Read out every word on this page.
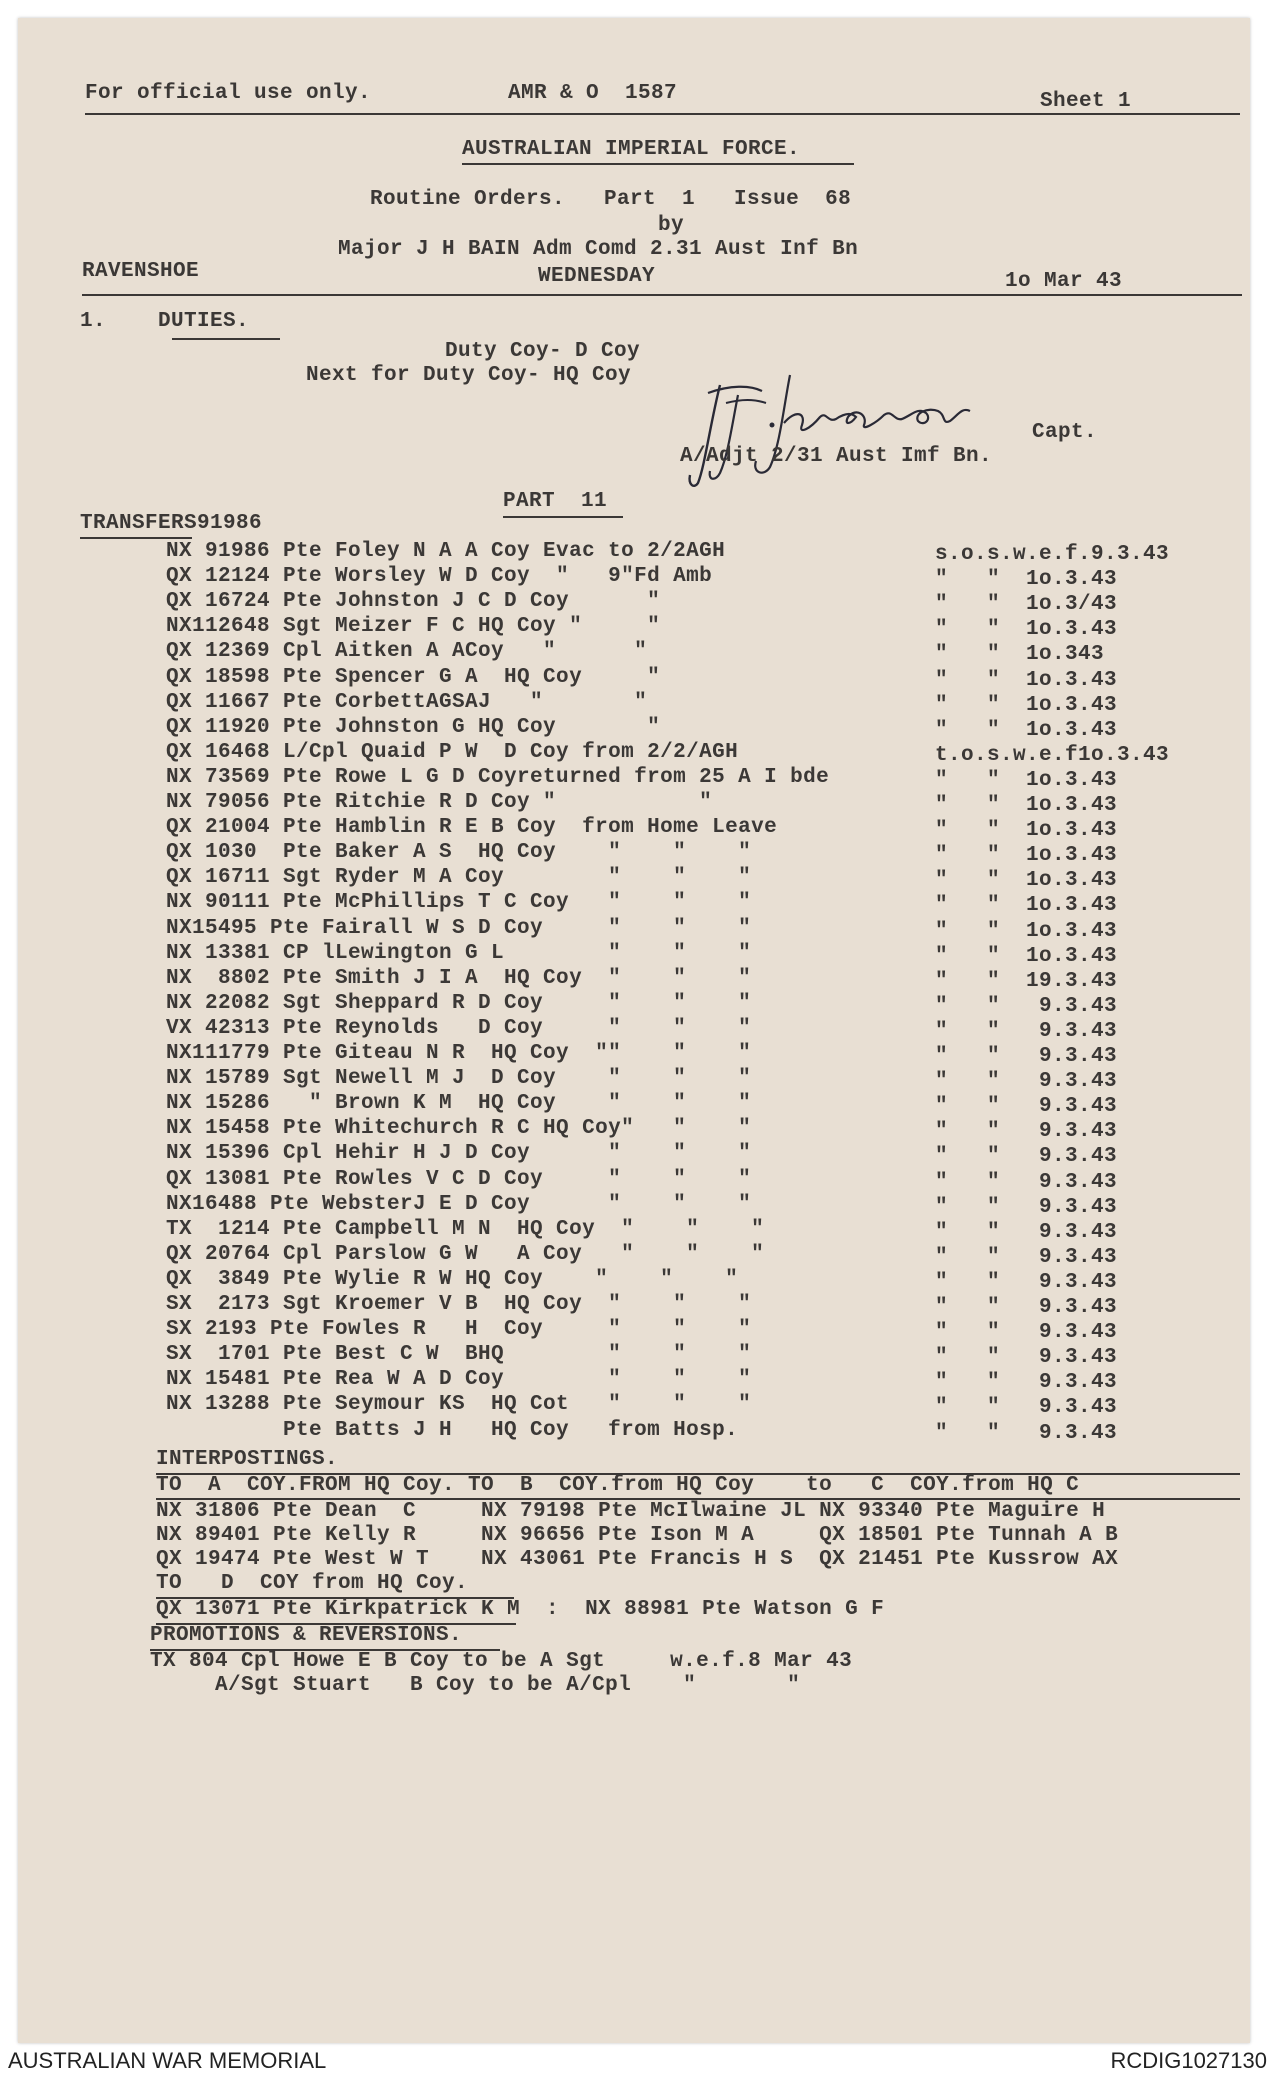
For official use only.	AMR & O  1587	Sheet 1
AUSTRALIAN IMPERIAL FORCE.
Routine Orders.   Part  1   Issue  68
by
Major J H BAIN Adm Comd 2.31 Aust Inf Bn
RAVENSHOE	WEDNESDAY	1o Mar 43
1.    DUTIES.
Duty Coy- D Coy
Next for Duty Coy- HQ Coy
Capt.
A/Adjt 2/31 Aust Imf Bn.
PART  11
TRANSFERS91986
NX 91986 Pte Foley N A A Coy Evac to 2/2AGH	s.o.s.w.e.f.9.3.43
QX 12124 Pte Worsley W D Coy  "   9"Fd Amb	"   "  1o.3.43
QX 16724 Pte Johnston J C D Coy      "	"   "  1o.3/43
NX112648 Sgt Meizer F C HQ Coy "     "	"   "  1o.3.43
QX 12369 Cpl Aitken A ACoy   "      "	"   "  1o.343
QX 18598 Pte Spencer G A  HQ Coy     "	"   "  1o.3.43
QX 11667 Pte CorbettAGSAJ   "       "	"   "  1o.3.43
QX 11920 Pte Johnston G HQ Coy       "	"   "  1o.3.43
QX 16468 L/Cpl Quaid P W  D Coy from 2/2/AGH	t.o.s.w.e.f1o.3.43
NX 73569 Pte Rowe L G D Coyreturned from 25 A I bde	"   "  1o.3.43
NX 79056 Pte Ritchie R D Coy "           "	"   "  1o.3.43
QX 21004 Pte Hamblin R E B Coy  from Home Leave	"   "  1o.3.43
QX 1030  Pte Baker A S  HQ Coy    "    "    "	"   "  1o.3.43
QX 16711 Sgt Ryder M A Coy        "    "    "	"   "  1o.3.43
NX 90111 Pte McPhillips T C Coy   "    "    "	"   "  1o.3.43
NX15495 Pte Fairall W S D Coy     "    "    "	"   "  1o.3.43
NX 13381 CP lLewington G L        "    "    "	"   "  1o.3.43
NX  8802 Pte Smith J I A  HQ Coy  "    "    "	"   "  19.3.43
NX 22082 Sgt Sheppard R D Coy     "    "    "	"   "   9.3.43
VX 42313 Pte Reynolds   D Coy     "    "    "	"   "   9.3.43
NX111779 Pte Giteau N R  HQ Coy  ""    "    "	"   "   9.3.43
NX 15789 Sgt Newell M J  D Coy    "    "    "	"   "   9.3.43
NX 15286   " Brown K M  HQ Coy    "    "    "	"   "   9.3.43
NX 15458 Pte Whitechurch R C HQ Coy"   "    "	"   "   9.3.43
NX 15396 Cpl Hehir H J D Coy      "    "    "	"   "   9.3.43
QX 13081 Pte Rowles V C D Coy     "    "    "	"   "   9.3.43
NX16488 Pte WebsterJ E D Coy      "    "    "	"   "   9.3.43
TX  1214 Pte Campbell M N  HQ Coy  "    "    "	"   "   9.3.43
QX 20764 Cpl Parslow G W   A Coy   "    "    "	"   "   9.3.43
QX  3849 Pte Wylie R W HQ Coy    "    "    "	"   "   9.3.43
SX  2173 Sgt Kroemer V B  HQ Coy  "    "    "	"   "   9.3.43
SX 2193 Pte Fowles R   H  Coy     "    "    "	"   "   9.3.43
SX  1701 Pte Best C W  BHQ        "    "    "	"   "   9.3.43
NX 15481 Pte Rea W A D Coy        "    "    "	"   "   9.3.43
NX 13288 Pte Seymour KS  HQ Cot   "    "    "	"   "   9.3.43
Pte Batts J H   HQ Coy   from Hosp.	"   "   9.3.43
INTERPOSTINGS.
TO  A  COY.FROM HQ Coy. TO  B  COY.from HQ Coy    to   C  COY.from HQ C
NX 31806 Pte Dean  C     NX 79198 Pte McIlwaine JL NX 93340 Pte Maguire H
NX 89401 Pte Kelly R     NX 96656 Pte Ison M A     QX 18501 Pte Tunnah A B
QX 19474 Pte West W T    NX 43061 Pte Francis H S  QX 21451 Pte Kussrow AX
TO   D  COY from HQ Coy.
QX 13071 Pte Kirkpatrick K M  :  NX 88981 Pte Watson G F
PROMOTIONS & REVERSIONS.
TX 804 Cpl Howe E B Coy to be A Sgt     w.e.f.8 Mar 43
A/Sgt Stuart   B Coy to be A/Cpl    "       "
AUSTRALIAN WAR MEMORIAL	RCDIG1027130
